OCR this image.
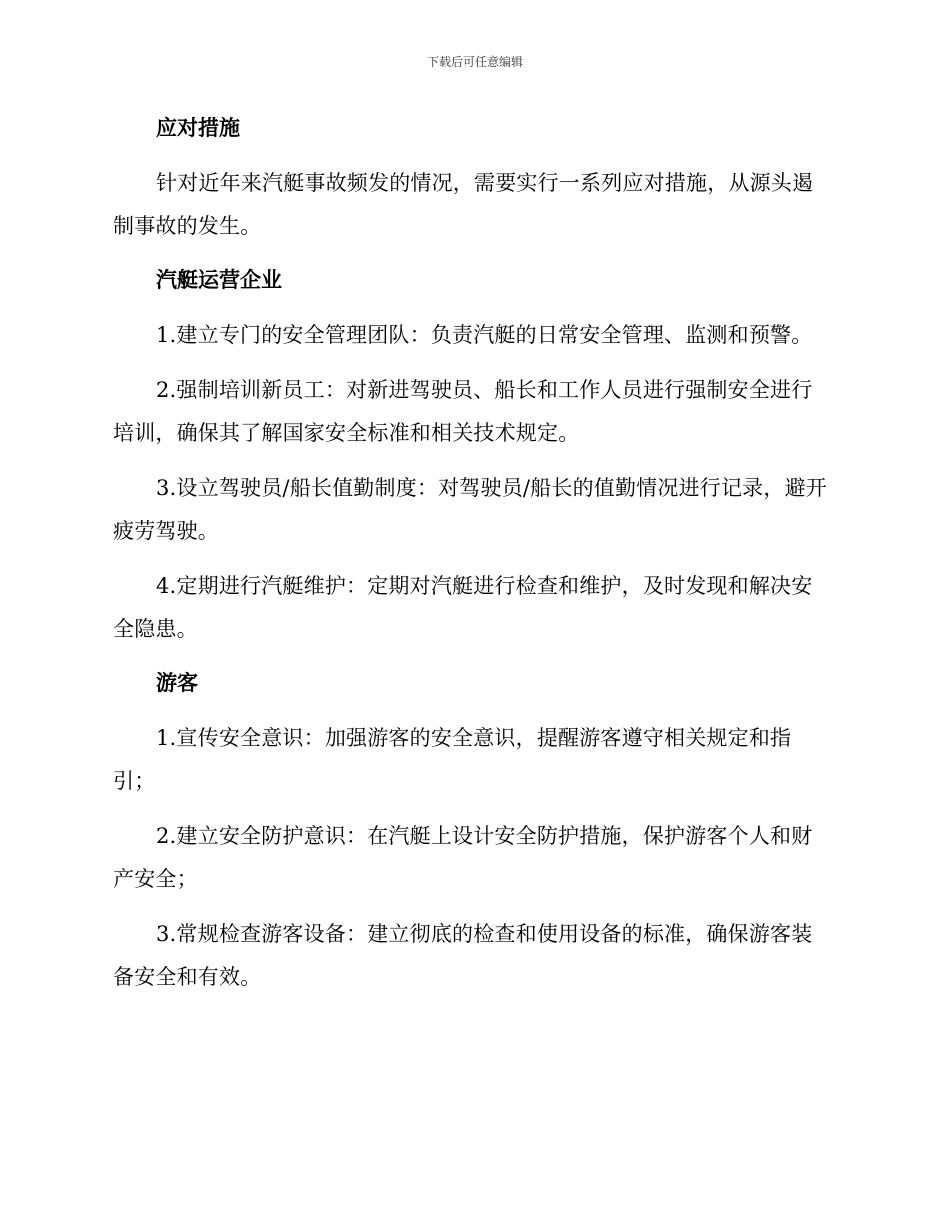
下载后可任意编辑
应对措施

针对近年来汽艇事故频发的情况，需要实行一系列应对措施，从源头遏制事故的发生。

汽艇运营企业

1.建立专门的安全管理团队：负责汽艇的日常安全管理、监测和预警。

2.强制培训新员工：对新进驾驶员、船长和工作人员进行强制安全进行培训，确保其了解国家安全标准和相关技术规定。

3.设立驾驶员/船长值勤制度：对驾驶员/船长的值勤情况进行记录，避开疲劳驾驶。

4.定期进行汽艇维护：定期对汽艇进行检查和维护，及时发现和解决安全隐患。

游客

1.宣传安全意识：加强游客的安全意识，提醒游客遵守相关规定和指引；

2.建立安全防护意识：在汽艇上设计安全防护措施，保护游客个人和财产安全；

3.常规检查游客设备：建立彻底的检查和使用设备的标准，确保游客装备安全和有效。
